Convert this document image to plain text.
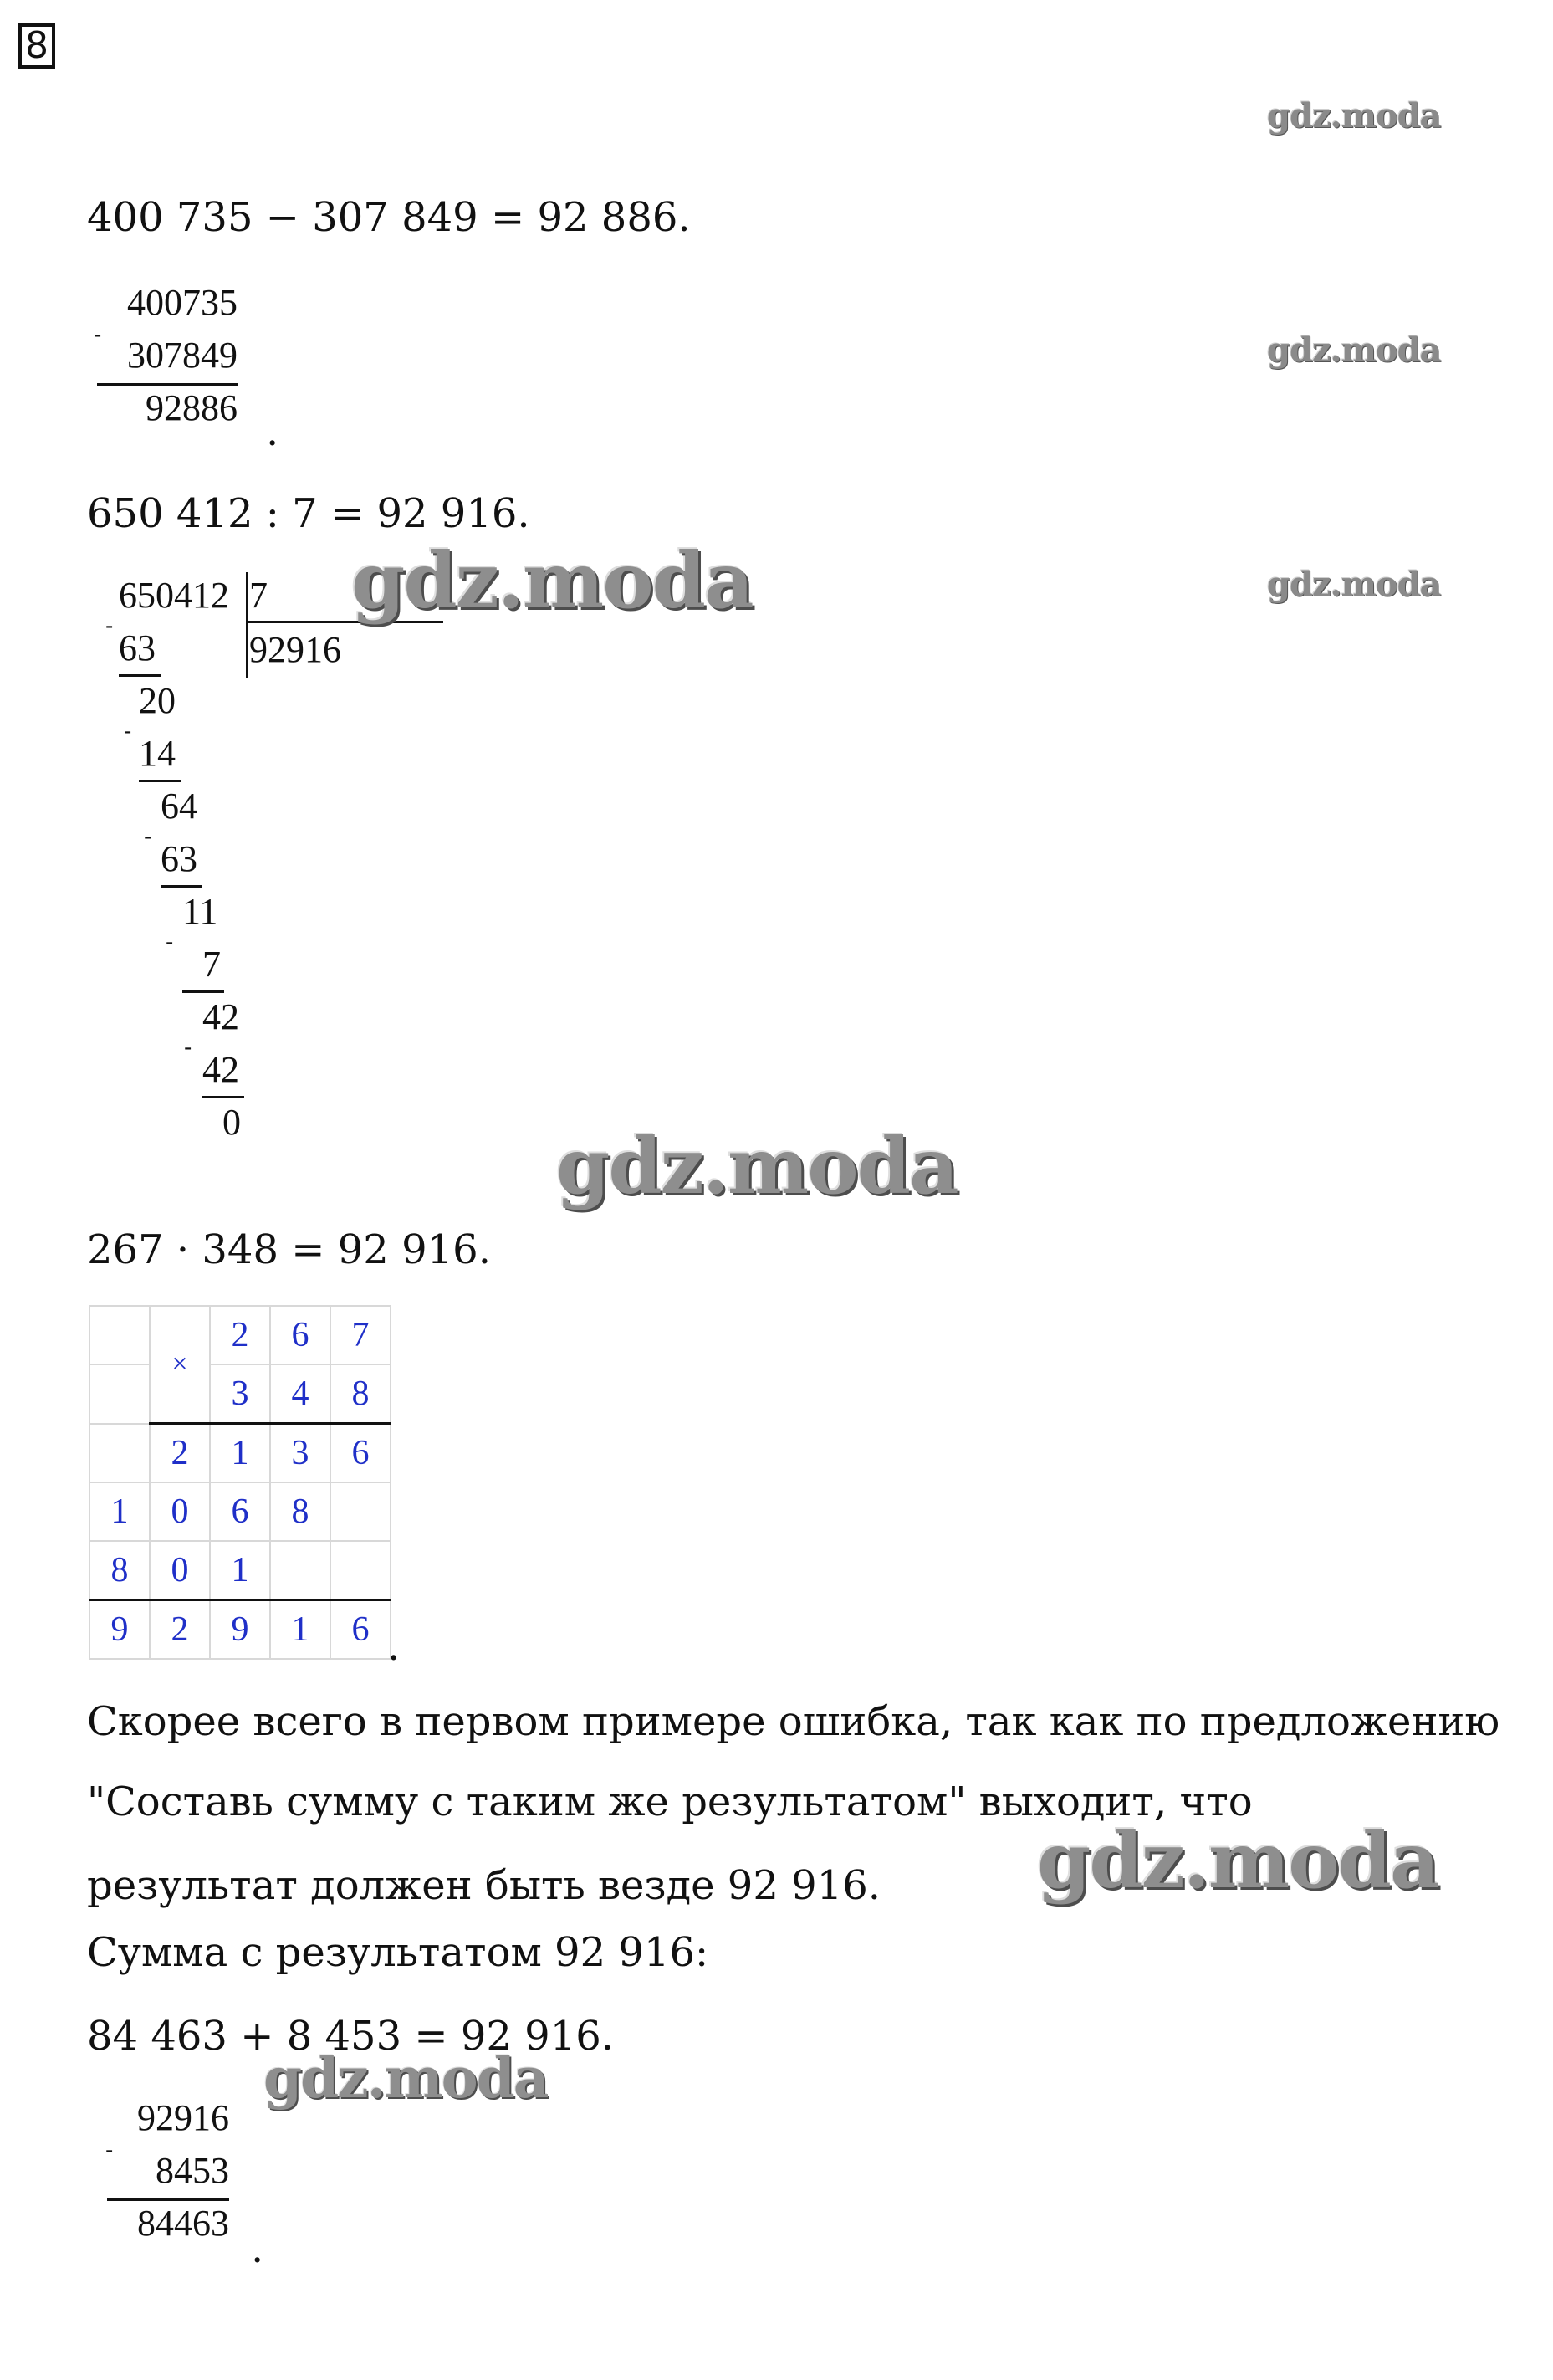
8
gdz.moda
gdz.moda
gdz.moda
400 735 − 307 849 = 92 886.
400735
307849
92886
-
.
650 412 : 7 = 92 916.
650412 7
92916
-
63
20
-
14
64
-
63
11
-
7
42
-
42
0
gdz.moda
gdz.moda
gdz.moda
gdz.moda
267 · 348 = 92 916.
	×	2	6	7
		3	4	8
	2	1	3	6
1	0	6	8	
8	0	1		
9	2	9	1	6 .
Скорее всего в первом примере ошибка, так как по предложению
"Составь сумму с таким же результатом" выходит, что
результат должен быть везде 92 916.
Сумма с результатом 92 916:
84 463 + 8 453 = 92 916.
92916
8453
84463
-
.
